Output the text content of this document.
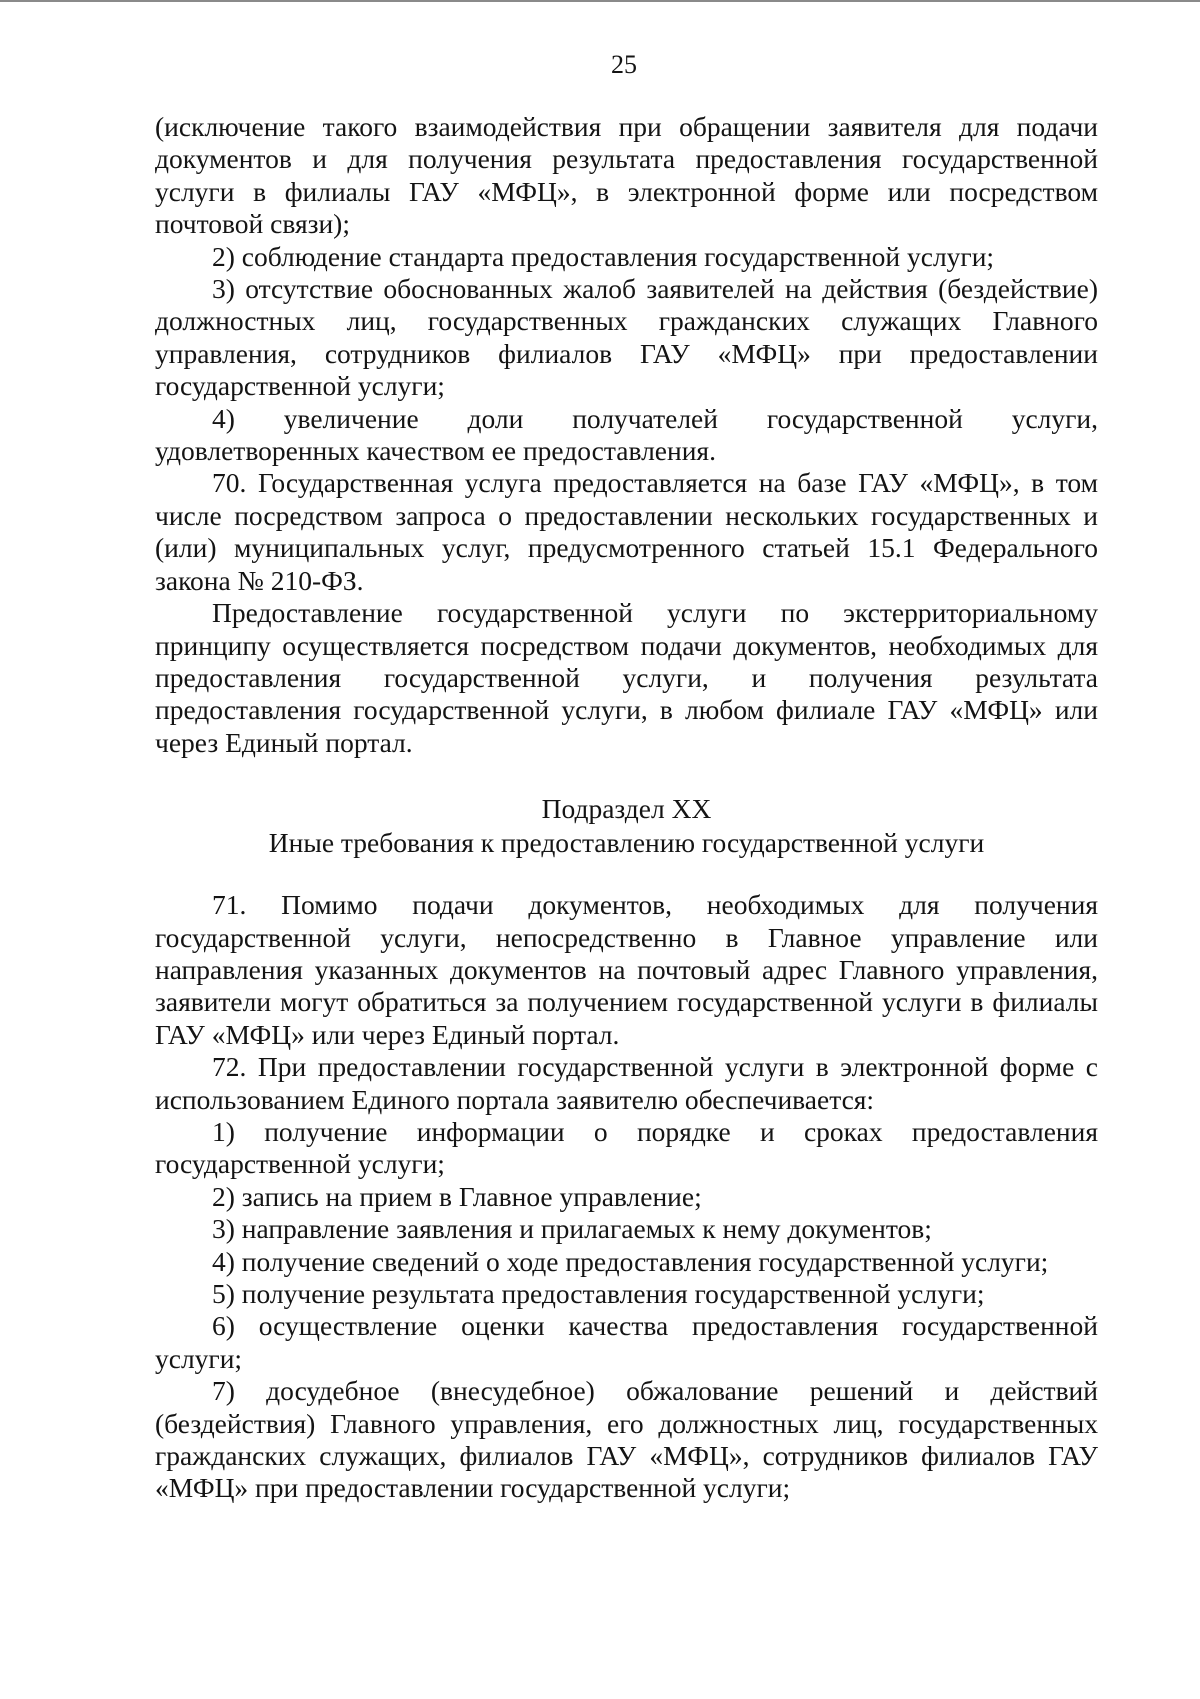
25

(исключение такого взаимодействия при обращении заявителя для подачи документов и для получения результата предоставления государственной услуги в филиалы ГАУ «МФЦ», в электронной форме или посредством почтовой связи);

2) соблюдение стандарта предоставления государственной услуги;

3) отсутствие обоснованных жалоб заявителей на действия (бездействие) должностных лиц, государственных гражданских служащих Главного управления, сотрудников филиалов ГАУ «МФЦ» при предоставлении государственной услуги;

4) увеличение доли получателей государственной услуги, удовлетворенных качеством ее предоставления.

70. Государственная услуга предоставляется на базе ГАУ «МФЦ», в том числе посредством запроса о предоставлении нескольких государственных и (или) муниципальных услуг, предусмотренного статьей 15.1 Федерального закона № 210-ФЗ.

Предоставление государственной услуги по экстерриториальному принципу осуществляется посредством подачи документов, необходимых для предоставления государственной услуги, и получения результата предоставления государственной услуги, в любом филиале ГАУ «МФЦ» или через Единый портал.

Подраздел XX
Иные требования к предоставлению государственной услуги

71. Помимо подачи документов, необходимых для получения государственной услуги, непосредственно в Главное управление или направления указанных документов на почтовый адрес Главного управления, заявители могут обратиться за получением государственной услуги в филиалы ГАУ «МФЦ» или через Единый портал.

72. При предоставлении государственной услуги в электронной форме с использованием Единого портала заявителю обеспечивается:

1) получение информации о порядке и сроках предоставления государственной услуги;

2) запись на прием в Главное управление;

3) направление заявления и прилагаемых к нему документов;

4) получение сведений о ходе предоставления государственной услуги;

5) получение результата предоставления государственной услуги;

6) осуществление оценки качества предоставления государственной услуги;

7) досудебное (внесудебное) обжалование решений и действий (бездействия) Главного управления, его должностных лиц, государственных гражданских служащих, филиалов ГАУ «МФЦ», сотрудников филиалов ГАУ «МФЦ» при предоставлении государственной услуги;
